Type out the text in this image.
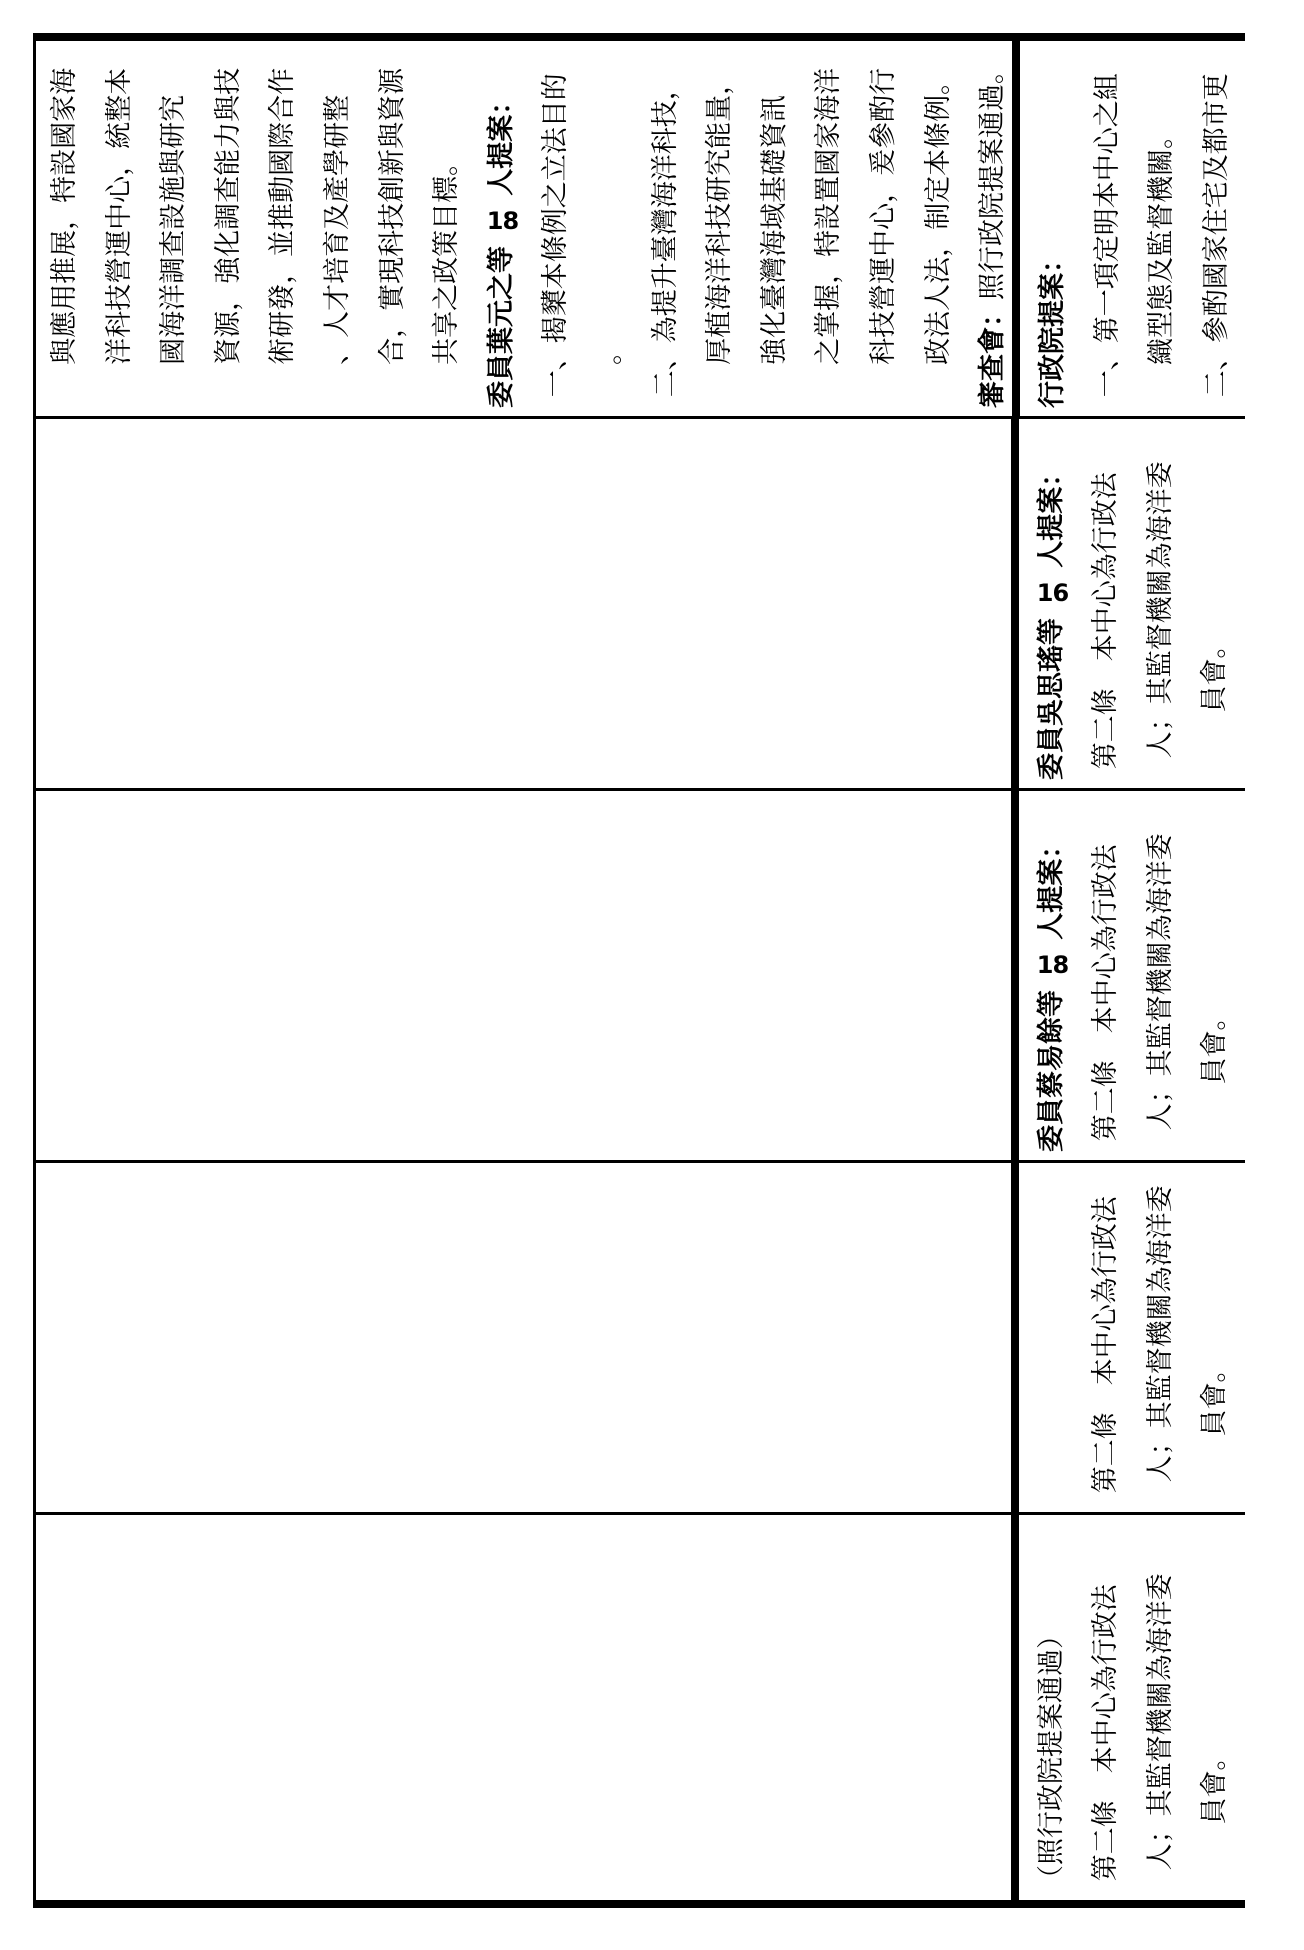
（照行政院提案通過） 第二條　本中心為行政法 人；其監督機關為海洋委 員會。
第二條　本中心為行政法 人；其監督機關為海洋委 員會。
委員蔡易餘等 18 人提案： 第二條　本中心為行政法 人；其監督機關為海洋委 員會。
委員吳思瑤等 16 人提案： 第二條　本中心為行政法 人；其監督機關為海洋委 員會。
與應用推展，特設國家海 洋科技營運中心，統整本 國海洋調查設施與研究 資源，強化調查能力與技 術研發，並推動國際合作 、人才培育及產學研整 合，實現科技創新與資源 共享之政策目標。 委員葉元之等 18 人提案： 一、揭櫫本條例之立法目的 。 二、為提升臺灣海洋科技， 厚植海洋科技研究能量， 強化臺灣海域基礎資訊 之掌握，特設置國家海洋 科技營運中心，爰參酌行 政法人法，制定本條例。 審查會：照行政院提案通過。
行政院提案： 一、第一項定明本中心之組 織型態及監督機關。 二、參酌國家住宅及都市更
